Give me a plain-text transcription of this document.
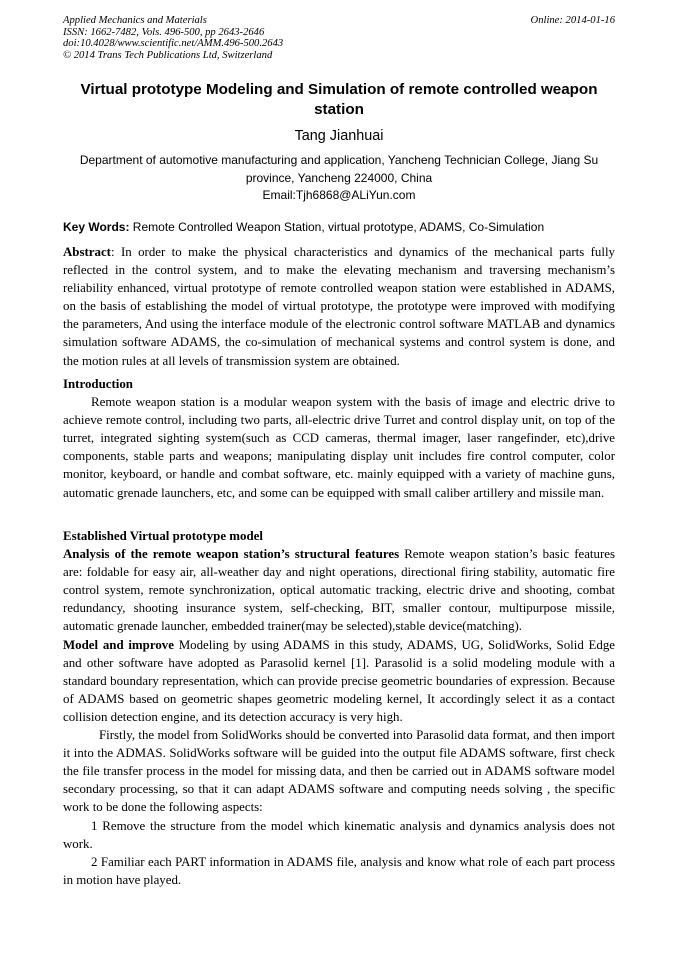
Applied Mechanics and Materials
ISSN: 1662-7482, Vols. 496-500, pp 2643-2646
doi:10.4028/www.scientific.net/AMM.496-500.2643
© 2014 Trans Tech Publications Ltd, Switzerland
Online: 2014-01-16
Virtual prototype Modeling and Simulation of remote controlled weapon
station
Tang Jianhuai
Department of automotive manufacturing and application, Yancheng Technician College, Jiang Su
province, Yancheng 224000, China
Email:Tjh6868@ALiYun.com
Key Words: Remote Controlled Weapon Station, virtual prototype, ADAMS, Co-Simulation

Abstract: In order to make the physical characteristics and dynamics of the mechanical parts fully reflected in the control system, and to make the elevating mechanism and traversing mechanism’s reliability enhanced, virtual prototype of remote controlled weapon station were established in ADAMS, on the basis of establishing the model of virtual prototype, the prototype were improved with modifying the parameters, And using the interface module of the electronic control software MATLAB and dynamics simulation software ADAMS, the co-simulation of mechanical systems and control system is done, and the motion rules at all levels of transmission system are obtained.

Introduction

Remote weapon station is a modular weapon system with the basis of image and electric drive to achieve remote control, including two parts, all-electric drive Turret and control display unit, on top of the turret, integrated sighting system(such as CCD cameras, thermal imager, laser rangefinder, etc),drive components, stable parts and weapons; manipulating display unit includes fire control computer, color monitor, keyboard, or handle and combat software, etc. mainly equipped with a variety of machine guns, automatic grenade launchers, etc, and some can be equipped with small caliber artillery and missile man.

Established Virtual prototype model

Analysis of the remote weapon station’s structural features Remote weapon station’s basic features are: foldable for easy air, all-weather day and night operations, directional firing stability, automatic fire control system, remote synchronization, optical automatic tracking, electric drive and shooting, combat redundancy, shooting insurance system, self-checking, BIT, smaller contour, multipurpose missile, automatic grenade launcher, embedded trainer(may be selected),stable device(matching).

Model and improve Modeling by using ADAMS in this study, ADAMS, UG, SolidWorks, Solid Edge and other software have adopted as Parasolid kernel [1]. Parasolid is a solid modeling module with a standard boundary representation, which can provide precise geometric boundaries of expression. Because of ADAMS based on geometric shapes geometric modeling kernel, It accordingly select it as a contact collision detection engine, and its detection accuracy is very high.

Firstly, the model from SolidWorks should be converted into Parasolid data format, and then import it into the ADMAS. SolidWorks software will be guided into the output file ADAMS software, first check the file transfer process in the model for missing data, and then be carried out in ADAMS software model secondary processing, so that it can adapt ADAMS software and computing needs solving , the specific work to be done the following aspects:

1 Remove the structure from the model which kinematic analysis and dynamics analysis does not work.

2 Familiar each PART information in ADAMS file, analysis and know what role of each part process in motion have played.
